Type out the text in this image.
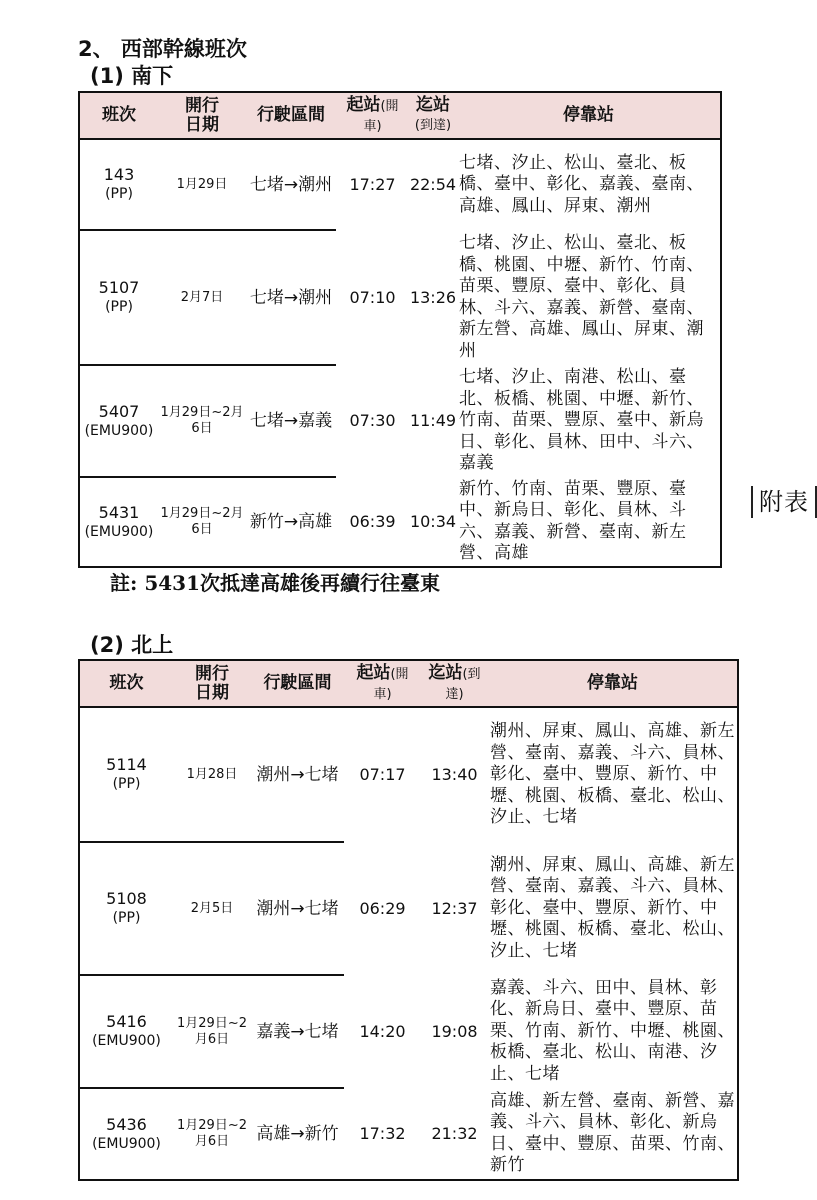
2、 西部幹線班次
(1) 南下
班次	開行
日期	行駛區間	起站(開
車)	迄站
(到達)	停靠站
143
(PP)	1月29日	七堵→潮州	17:27	22:54	七堵、汐止、松山、臺北、板橋、臺中、彰化、嘉義、臺南、高雄、鳳山、屏東、潮州
5107
(PP)	2月7日	七堵→潮州	07:10	13:26	七堵、汐止、松山、臺北、板橋、桃園、中壢、新竹、竹南、苗栗、豐原、臺中、彰化、員林、斗六、嘉義、新營、臺南、新左營、高雄、鳳山、屏東、潮州
5407
(EMU900)	1月29日~2月6日	七堵→嘉義	07:30	11:49	七堵、汐止、南港、松山、臺北、板橋、桃園、中壢、新竹、竹南、苗栗、豐原、臺中、新烏日、彰化、員林、田中、斗六、嘉義
5431
(EMU900)	1月29日~2月6日	新竹→高雄	06:39	10:34	新竹、竹南、苗栗、豐原、臺中、新烏日、彰化、員林、斗六、嘉義、新營、臺南、新左營、高雄
註: 5431次抵達高雄後再續行往臺東
附表
(2) 北上
班次	開行
日期	行駛區間	起站(開
車)	迄站(到
達)	停靠站
5114
(PP)	1月28日	潮州→七堵	07:17	13:40	潮州、屏東、鳳山、高雄、新左營、臺南、嘉義、斗六、員林、彰化、臺中、豐原、新竹、中壢、桃園、板橋、臺北、松山、汐止、七堵
5108
(PP)	2月5日	潮州→七堵	06:29	12:37	潮州、屏東、鳳山、高雄、新左營、臺南、嘉義、斗六、員林、彰化、臺中、豐原、新竹、中壢、桃園、板橋、臺北、松山、汐止、七堵
5416
(EMU900)	1月29日~2月6日	嘉義→七堵	14:20	19:08	嘉義、斗六、田中、員林、彰化、新烏日、臺中、豐原、苗栗、竹南、新竹、中壢、桃園、板橋、臺北、松山、南港、汐止、七堵
5436
(EMU900)	1月29日~2月6日	高雄→新竹	17:32	21:32	高雄、新左營、臺南、新營、嘉義、斗六、員林、彰化、新烏日、臺中、豐原、苗栗、竹南、新竹
